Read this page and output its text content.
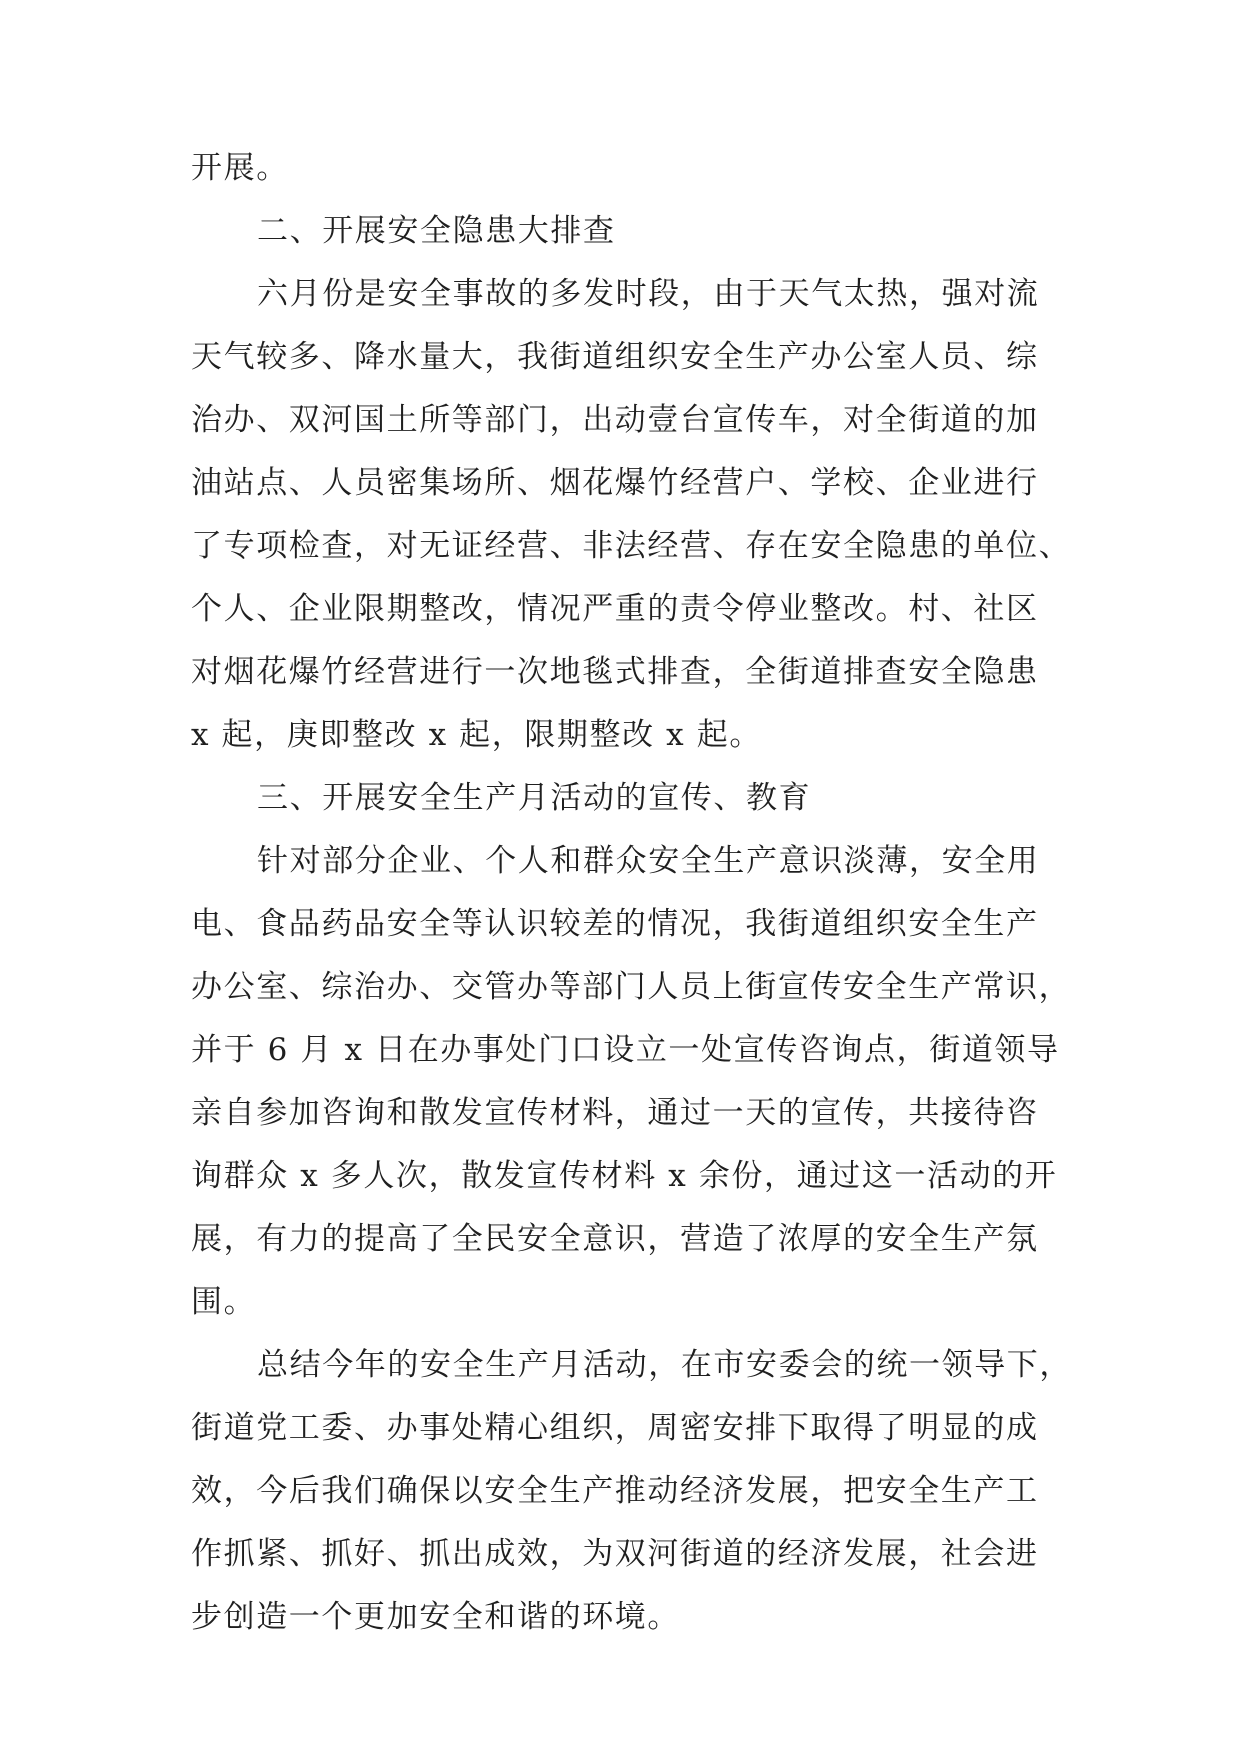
开展。
二、开展安全隐患大排查
六月份是安全事故的多发时段，由于天气太热，强对流
天气较多、降水量大，我街道组织安全生产办公室人员、综
治办、双河国土所等部门，出动壹台宣传车，对全街道的加
油站点、人员密集场所、烟花爆竹经营户、学校、企业进行
了专项检查，对无证经营、非法经营、存在安全隐患的单位、
个人、企业限期整改，情况严重的责令停业整改。村、社区
对烟花爆竹经营进行一次地毯式排查，全街道排查安全隐患
x 起，庚即整改 x 起，限期整改 x 起。
三、开展安全生产月活动的宣传、教育
针对部分企业、个人和群众安全生产意识淡薄，安全用
电、食品药品安全等认识较差的情况，我街道组织安全生产
办公室、综治办、交管办等部门人员上街宣传安全生产常识，
并于 6 月 x 日在办事处门口设立一处宣传咨询点，街道领导
亲自参加咨询和散发宣传材料，通过一天的宣传，共接待咨
询群众 x 多人次，散发宣传材料 x 余份，通过这一活动的开
展，有力的提高了全民安全意识，营造了浓厚的安全生产氛
围。
总结今年的安全生产月活动，在市安委会的统一领导下，
街道党工委、办事处精心组织，周密安排下取得了明显的成
效，今后我们确保以安全生产推动经济发展，把安全生产工
作抓紧、抓好、抓出成效，为双河街道的经济发展，社会进
步创造一个更加安全和谐的环境。
